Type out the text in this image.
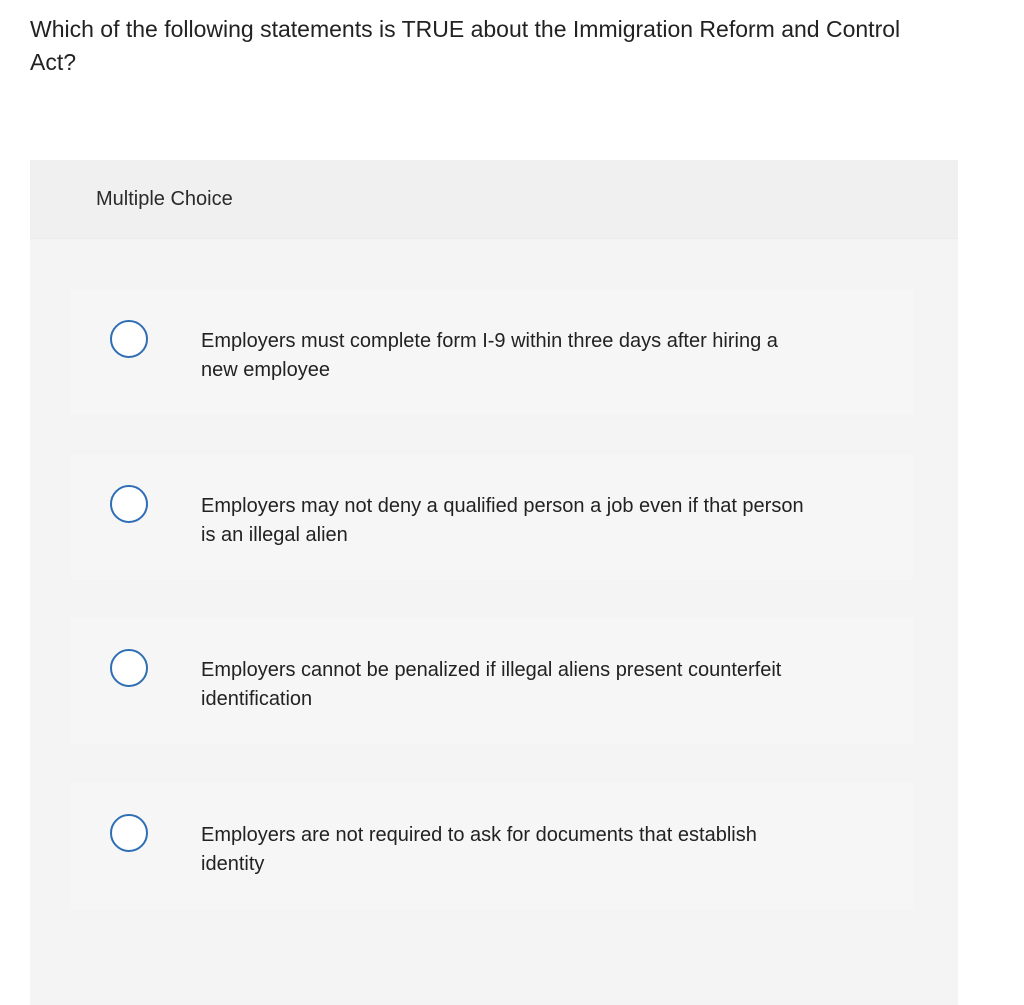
Which of the following statements is TRUE about the Immigration Reform and Control Act?
Multiple Choice
Employers must complete form I-9 within three days after hiring a new employee
Employers may not deny a qualified person a job even if that person is an illegal alien
Employers cannot be penalized if illegal aliens present counterfeit identification
Employers are not required to ask for documents that establish identity
